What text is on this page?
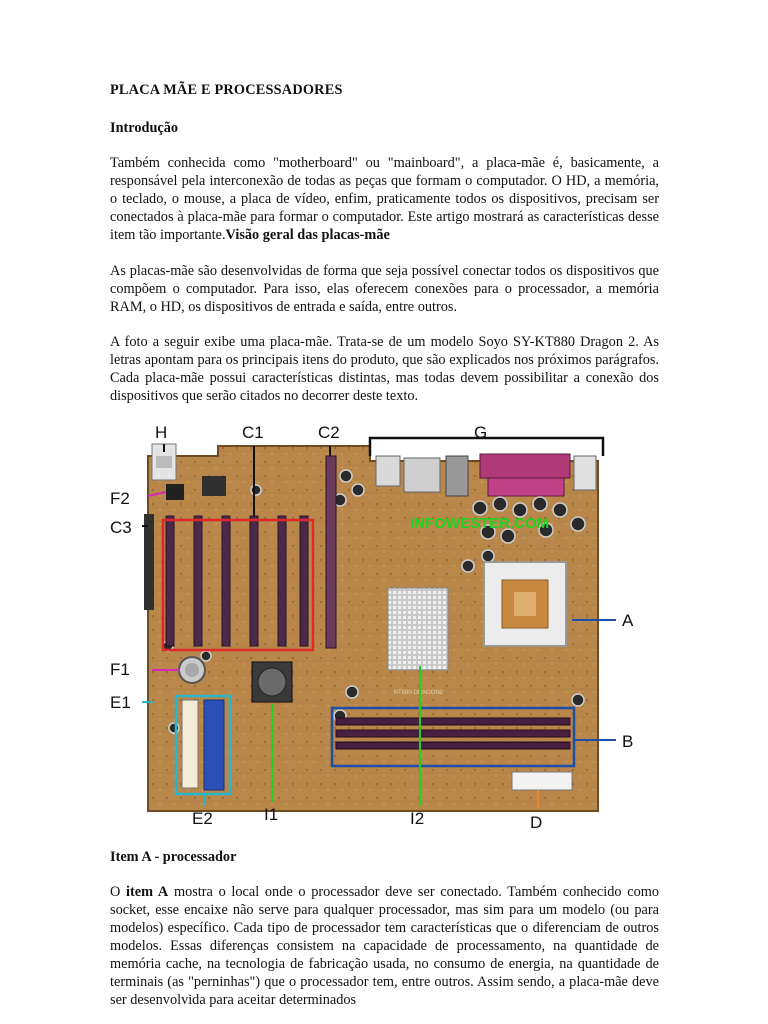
PLACA MÃE E PROCESSADORES
Introdução
Também conhecida como "motherboard" ou "mainboard", a placa-mãe é, basicamente, a responsável pela interconexão de todas as peças que formam o computador. O HD, a memória, o teclado, o mouse, a placa de vídeo, enfim, praticamente todos os dispositivos, precisam ser conectados à placa-mãe para formar o computador. Este artigo mostrará as características desse item tão importante.Visão geral das placas-mãe
As placas-mãe são desenvolvidas de forma que seja possível conectar todos os dispositivos que compõem o computador. Para isso, elas oferecem conexões para o processador, a memória RAM, o HD, os dispositivos de entrada e saída, entre outros.
A foto a seguir exibe uma placa-mãe. Trata-se de um modelo Soyo SY-KT880 Dragon 2. As letras apontam para os principais itens do produto, que são explicados nos próximos parágrafos. Cada placa-mãe possui características distintas, mas todas devem possibilitar a conexão dos dispositivos que serão citados no decorrer deste texto.
KT880 DRAGON2
INFOWESTER.COM
H	C1	C2	G
F2
C3
F1
E1
A
B
E2	I1	I2	D
Item A - processador
O item A mostra o local onde o processador deve ser conectado. Também conhecido como socket, esse encaixe não serve para qualquer processador, mas sim para um modelo (ou para modelos) específico. Cada tipo de processador tem características que o diferenciam de outros modelos. Essas diferenças consistem na capacidade de processamento, na quantidade de memória cache, na tecnologia de fabricação usada, no consumo de energia, na quantidade de terminais (as "perninhas") que o processador tem, entre outros. Assim sendo, a placa-mãe deve ser desenvolvida para aceitar determinados
